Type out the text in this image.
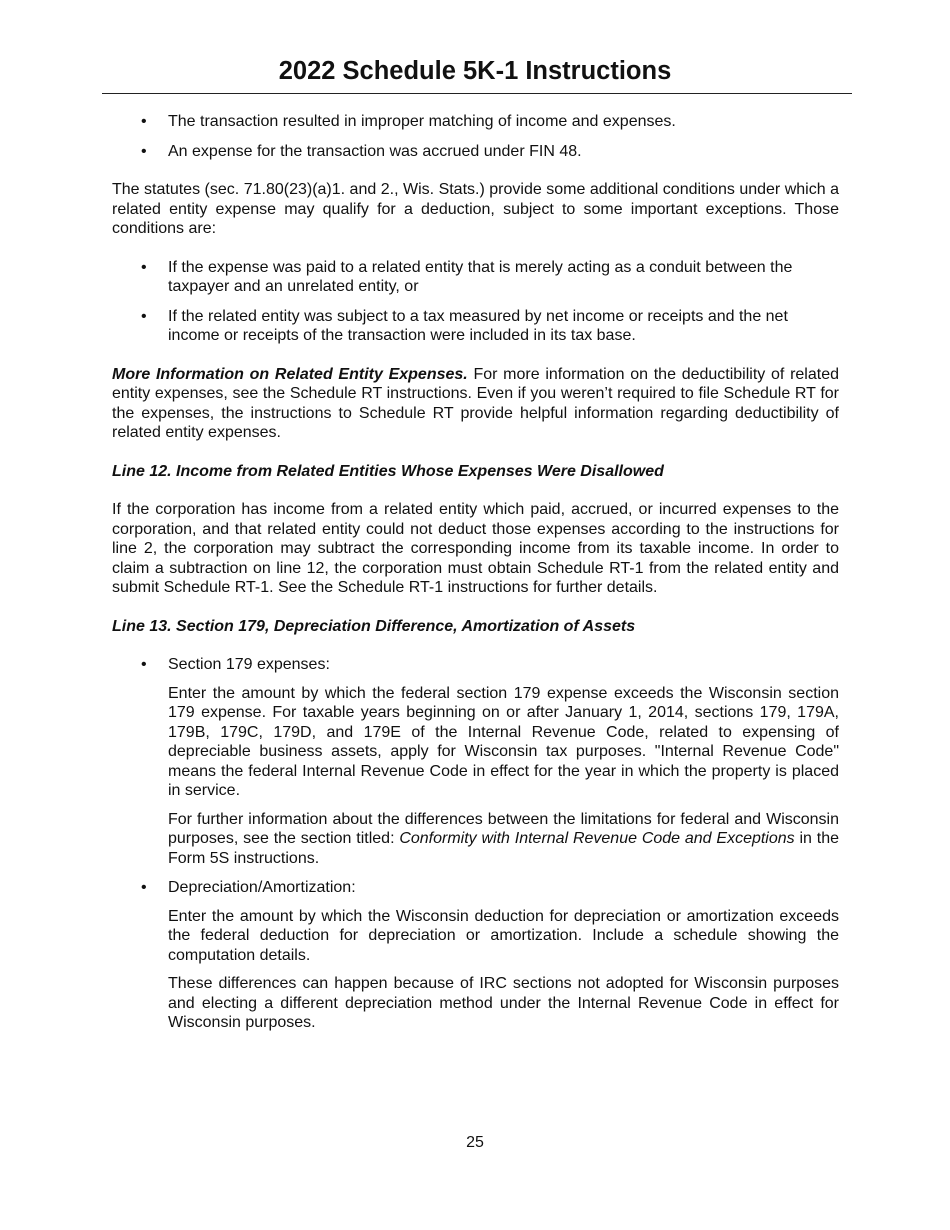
2022 Schedule 5K-1 Instructions
• The transaction resulted in improper matching of income and expenses.
• An expense for the transaction was accrued under FIN 48.

The statutes (sec. 71.80(23)(a)1. and 2., Wis. Stats.) provide some additional conditions under which a related entity expense may qualify for a deduction, subject to some important exceptions. Those conditions are:

• If the expense was paid to a related entity that is merely acting as a conduit between the taxpayer and an unrelated entity, or
• If the related entity was subject to a tax measured by net income or receipts and the net income or receipts of the transaction were included in its tax base.

More Information on Related Entity Expenses. For more information on the deductibility of related entity expenses, see the Schedule RT instructions. Even if you weren’t required to file Schedule RT for the expenses, the instructions to Schedule RT provide helpful information regarding deductibility of related entity expenses.

Line 12. Income from Related Entities Whose Expenses Were Disallowed

If the corporation has income from a related entity which paid, accrued, or incurred expenses to the corporation, and that related entity could not deduct those expenses according to the instructions for line 2, the corporation may subtract the corresponding income from its taxable income. In order to claim a subtraction on line 12, the corporation must obtain Schedule RT-1 from the related entity and submit Schedule RT-1. See the Schedule RT-1 instructions for further details.

Line 13. Section 179, Depreciation Difference, Amortization of Assets

• Section 179 expenses:

Enter the amount by which the federal section 179 expense exceeds the Wisconsin section 179 expense. For taxable years beginning on or after January 1, 2014, sections 179, 179A, 179B, 179C, 179D, and 179E of the Internal Revenue Code, related to expensing of depreciable business assets, apply for Wisconsin tax purposes. "Internal Revenue Code" means the federal Internal Revenue Code in effect for the year in which the property is placed in service.

For further information about the differences between the limitations for federal and Wisconsin purposes, see the section titled: Conformity with Internal Revenue Code and Exceptions in the Form 5S instructions.

• Depreciation/Amortization:

Enter the amount by which the Wisconsin deduction for depreciation or amortization exceeds the federal deduction for depreciation or amortization. Include a schedule showing the computation details.

These differences can happen because of IRC sections not adopted for Wisconsin purposes and electing a different depreciation method under the Internal Revenue Code in effect for Wisconsin purposes.

25
